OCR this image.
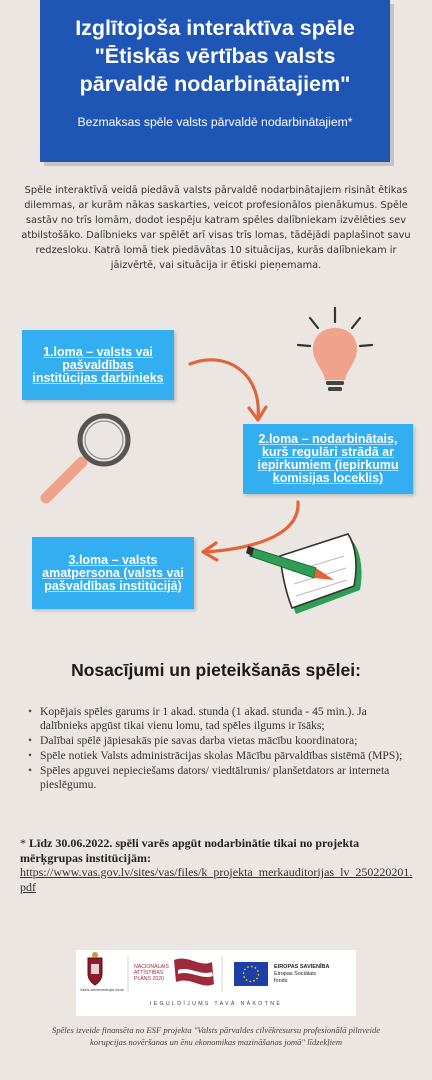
Izglītojoša interaktīva spēle
"Ētiskās vērtības valsts
pārvaldē nodarbinātajiem"
Bezmaksas spēle valsts pārvaldē nodarbinātajiem*

Spēle interaktīvā veidā piedāvā valsts pārvaldē nodarbinātajiem risināt ētikas dilemmas, ar kurām nākas saskarties, veicot profesionālos pienākumus. Spēle sastāv no trīs lomām, dodot iespēju katram spēles dalībniekam izvēlēties sev atbilstošāko. Dalībnieks var spēlēt arī visas trīs lomas, tādējādi paplašinot savu redzesloku. Katrā lomā tiek piedāvātas 10 situācijas, kurās dalībniekam ir jāizvērtē, vai situācija ir ētiski pieņemama.

1.loma – valsts vai pašvaldības institūcijas darbinieks
2.loma – nodarbinātais, kurš regulāri strādā ar iepirkumiem (iepirkumu komisijas loceklis)
3.loma – valsts amatpersona (valsts vai pašvaldības institūcijā)
Nosacījumi un pieteikšanās spēlei:
• Kopējais spēles garums ir 1 akad. stunda (1 akad. stunda - 45 min.). Ja dalībnieks apgūst tikai vienu lomu, tad spēles ilgums ir īsāks;
• Dalībai spēlē jāpiesakās pie savas darba vietas mācību koordinatora;
• Spēle notiek Valsts administrācijas skolas Mācību pārvaldības sistēmā (MPS);
• Spēles apguvei nepieciešams dators/ viedtālrunis/ planšetdators ar interneta pieslēgumu.
* Līdz 30.06.2022. spēli varēs apgūt nodarbinātie tikai no projekta mērķgrupas institūcijām:
https://www.vas.gov.lv/sites/vas/files/k_projekta_merkauditorijas_lv_250220201.pdf
Valsts administrācijas skola
NACIONĀLAIS
ATTĪSTĪBAS
PLĀNS 2020
EIROPAS SAVIENĪBA
Eiropas Sociālais
fonds
IEGULDĪJUMS TAVĀ NĀKOTNĒ

Spēles izveide finansēta no ESF projekta "Valsts pārvaldes cilvēkresursu profesionālā pilnveide korupcijas novēršanas un ēnu ekonomikas mazināšanas jomā" līdzekļiem
